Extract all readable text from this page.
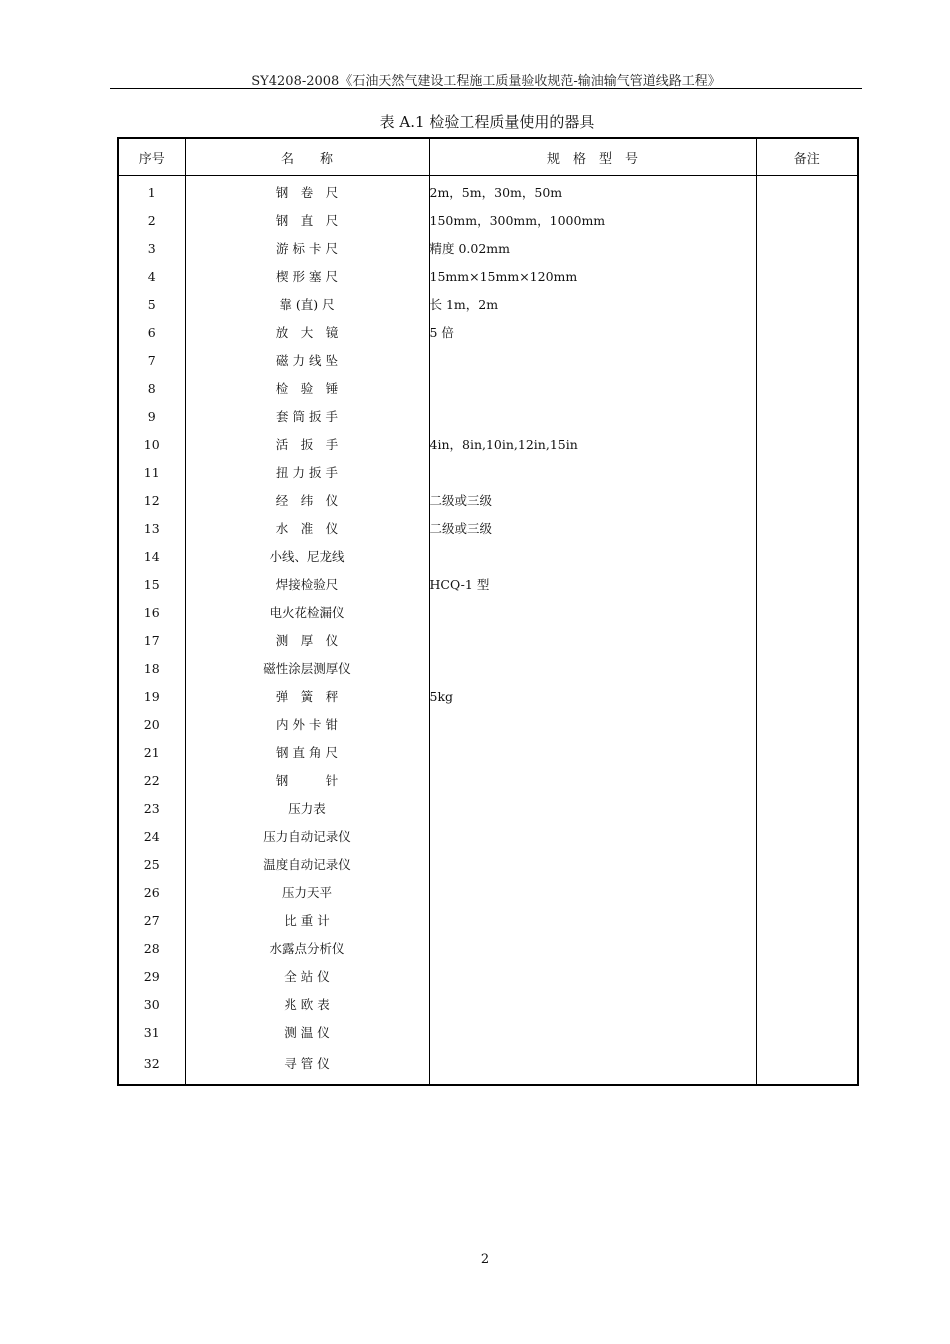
SY4208-2008《石油天然气建设工程施工质量验收规范-输油输气管道线路工程》
表 A.1 检验工程质量使用的器具
序号	名　　称	规　格　型　号	备注
1	钢　卷　尺	2m，5m，30m，50m	
2	钢　直　尺	150mm，300mm，1000mm	
3	游 标 卡 尺	精度 0.02mm	
4	楔 形 塞 尺	15mm×15mm×120mm	
5	靠 (直) 尺	长 1m，2m	
6	放　大　镜	5 倍	
7	磁 力 线 坠		
8	检　验　锤		
9	套 筒 扳 手		
10	活　扳　手	4in，8in,10in,12in,15in	
11	扭 力 扳 手		
12	经　纬　仪	二级或三级	
13	水　准　仪	二级或三级	
14	小线、尼龙线		
15	焊接检验尺	HCQ-1 型	
16	电火花检漏仪		
17	测　厚　仪		
18	磁性涂层测厚仪		
19	弹　簧　秤	5kg	
20	内 外 卡 钳		
21	钢 直 角 尺		
22	钢　　　针		
23	压力表		
24	压力自动记录仪		
25	温度自动记录仪		
26	压力天平		
27	比 重 计		
28	水露点分析仪		
29	全 站 仪		
30	兆 欧 表		
31	测 温 仪		
32	寻 管 仪		
2
